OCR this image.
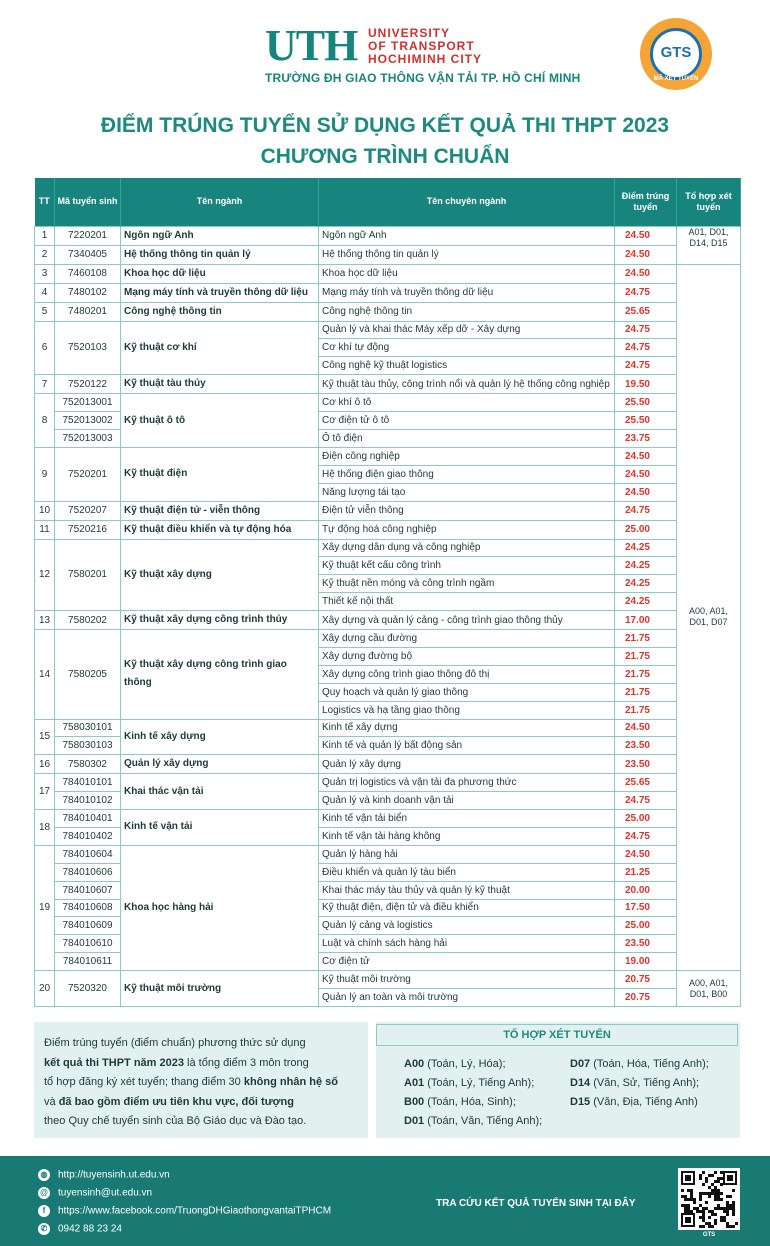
UTH UNIVERSITY
OF TRANSPORT
HOCHIMINH CITY
TRƯỜNG ĐH GIAO THÔNG VẬN TẢI TP. HỒ CHÍ MINH
GTS
MÃ XÉT TUYỂN
ĐIỂM TRÚNG TUYỂN SỬ DỤNG KẾT QUẢ THI THPT 2023
CHƯƠNG TRÌNH CHUẨN
TT	Mã tuyển sinh	Tên ngành	Tên chuyên ngành	Điểm trúng tuyển	Tổ hợp xét tuyển
1	7220201	Ngôn ngữ Anh	Ngôn ngữ Anh	24.50	A01, D01, D14, D15
2	7340405	Hệ thống thông tin quản lý	Hệ thống thông tin quản lý	24.50	
3	7460108	Khoa học dữ liệu	Khoa học dữ liệu	24.50	A00, A01, D01, D07
4	7480102	Mạng máy tính và truyền thông dữ liệu	Mạng máy tính và truyền thông dữ liệu	24.75	
5	7480201	Công nghệ thông tin	Công nghệ thông tin	25.65	
6	7520103	Kỹ thuật cơ khí	Quản lý và khai thác Máy xếp dỡ - Xây dựng	24.75	
			Cơ khí tự động	24.75	
			Công nghệ kỹ thuật logistics	24.75	
7	7520122	Kỹ thuật tàu thủy	Kỹ thuật tàu thủy, công trình nổi và quản lý hệ thống công nghiệp	19.50	
8	752013001	Kỹ thuật ô tô	Cơ khí ô tô	25.50	
	752013002		Cơ điện tử ô tô	25.50	
	752013003		Ô tô điện	23.75	
9	7520201	Kỹ thuật điện	Điện công nghiệp	24.50	
			Hệ thống điện giao thông	24.50	
			Năng lượng tái tạo	24.50	
10	7520207	Kỹ thuật điện tử - viễn thông	Điện tử viễn thông	24.75	
11	7520216	Kỹ thuật điều khiển và tự động hóa	Tự động hoá công nghiệp	25.00	
12	7580201	Kỹ thuật xây dựng	Xây dựng dân dụng và công nghiệp	24.25	
			Kỹ thuật kết cấu công trình	24.25	
			Kỹ thuật nền móng và công trình ngầm	24.25	
			Thiết kế nội thất	24.25	
13	7580202	Kỹ thuật xây dựng công trình thủy	Xây dựng và quản lý cảng - công trình giao thông thủy	17.00	
14	7580205	Kỹ thuật xây dựng công trình giao thông	Xây dựng cầu đường	21.75	
			Xây dựng đường bộ	21.75	
			Xây dựng công trình giao thông đô thị	21.75	
			Quy hoạch và quản lý giao thông	21.75	
			Logistics và hạ tầng giao thông	21.75	
15	758030101	Kinh tế xây dựng	Kinh tế xây dựng	24.50	
	758030103		Kinh tế và quản lý bất động sản	23.50	
16	7580302	Quản lý xây dựng	Quản lý xây dựng	23.50	
17	784010101	Khai thác vận tải	Quản trị logistics và vận tải đa phương thức	25.65	
	784010102		Quản lý và kinh doanh vận tải	24.75	
18	784010401	Kinh tế vận tải	Kinh tế vận tải biển	25.00	
	784010402		Kinh tế vận tải hàng không	24.75	
19	784010604	Khoa học hàng hải	Quản lý hàng hải	24.50	
	784010606		Điều khiển và quản lý tàu biển	21.25	
	784010607		Khai thác máy tàu thủy và quản lý kỹ thuật	20.00	
	784010608		Kỹ thuật điện, điện tử và điều khiển	17.50	
	784010609		Quản lý cảng và logistics	25.00	
	784010610		Luật và chính sách hàng hải	23.50	
	784010611		Cơ điện tử	19.00	
20	7520320	Kỹ thuật môi trường	Kỹ thuật môi trường	20.75	A00, A01, D01, B00
			Quản lý an toàn và môi trường	20.75	
Điểm trúng tuyển (điểm chuẩn) phương thức sử dụng
kết quả thi THPT năm 2023 là tổng điểm 3 môn trong
tổ hợp đăng ký xét tuyển; thang điểm 30 không nhân hệ số
và đã bao gồm điểm ưu tiên khu vực, đối tượng
theo Quy chế tuyển sinh của Bộ Giáo dục và Đào tạo.
TỔ HỢP XÉT TUYỂN
A00 (Toán, Lý, Hóa);
A01 (Toán, Lý, Tiếng Anh);
B00 (Toán, Hóa, Sinh);
D01 (Toán, Văn, Tiếng Anh);
D07 (Toán, Hóa, Tiếng Anh);
D14 (Văn, Sử, Tiếng Anh);
D15 (Văn, Địa, Tiếng Anh)
◍ http://tuyensinh.ut.edu.vn
@ tuyensinh@ut.edu.vn
f https://www.facebook.com/TruongDHGiaothongvantaiTPHCM
✆ 0942 88 23 24
TRA CỨU KẾT QUẢ TUYỂN SINH TẠI ĐÂY
GTS
